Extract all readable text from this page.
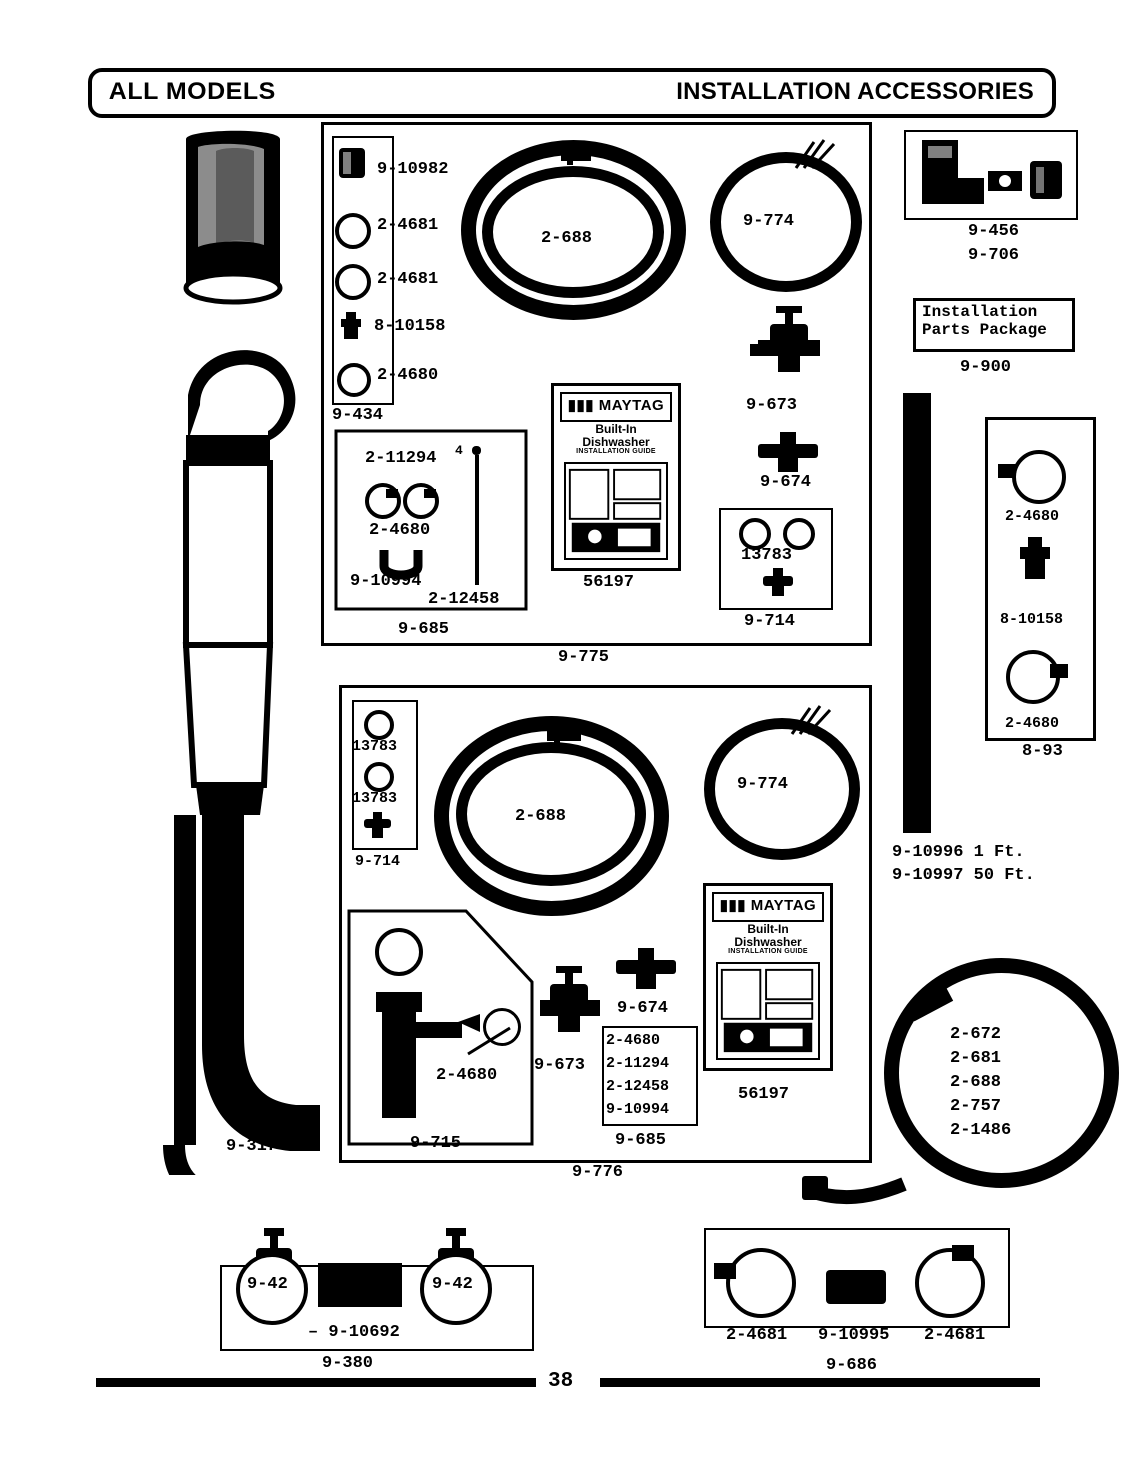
ALL MODELS	INSTALLATION ACCESSORIES
9-317
9-775
9-434
9-10982
2-4681
2-4681
8-10158
2-4680
2-688
9-774
9-673
9-674
▮▮▮ MAYTAG
Built-In
Dishwasher
INSTALLATION GUIDE
56197
2-11294 4
2-4680
9-10994
2-12458
9-685
13783
9-714
9-456
9-706
Installation
Parts Package
9-900
9-10996 1 Ft.
9-10997 50 Ft.
2-4680
8-10158
2-4680
8-93
9-776
13783
13783
9-714
2-688
9-774
2-4680
9-715
9-673
9-674
2-4680
2-11294
2-12458
9-10994
9-685
▮▮▮ MAYTAG
Built-In
Dishwasher
INSTALLATION GUIDE
56197
2-672
2-681
2-688
2-757
2-1486
9-42	9-42
– 9-10692
9-380
2-4681 9-10995 2-4681
9-686
38
